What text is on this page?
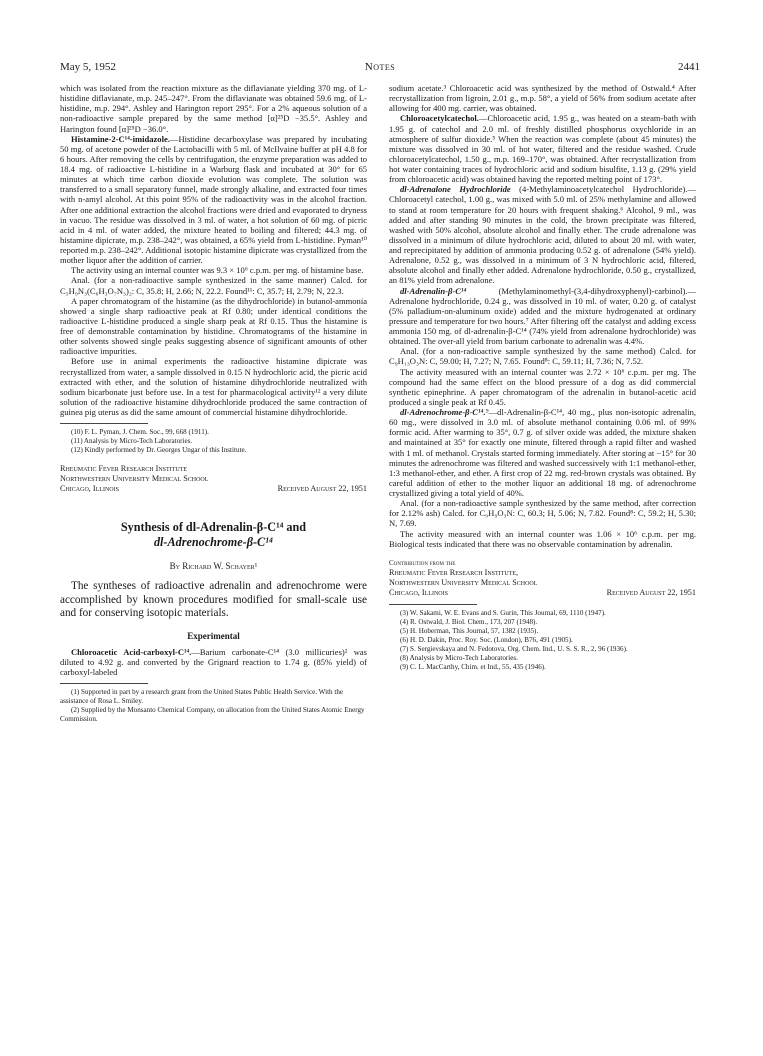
May 5, 1952	Notes	2441

which was isolated from the reaction mixture as the diflavianate yielding 370 mg. of L-histidine diflavianate, m.p. 245–247°. From the diflavianate was obtained 59.6 mg. of L-histidine, m.p. 294°. Ashley and Harington report 295°. For a 2% aqueous solution of a non-radioactive sample prepared by the same method [α]²⁵D −35.5°. Ashley and Harington found [α]²⁵D −36.0°.

Histamine-2-C¹⁴-imidazole.—Histidine decarboxylase was prepared by incubating 50 mg. of acetone powder of the Lactobacilli with 5 ml. of McIlvaine buffer at pH 4.8 for 6 hours. After removing the cells by centrifugation, the enzyme preparation was added to 18.4 mg. of radioactive L-histidine in a Warburg flask and incubated at 30° for 65 minutes at which time carbon dioxide evolution was complete. The solution was transferred to a small separatory funnel, made strongly alkaline, and extracted four times with n-amyl alcohol. At this point 95% of the radioactivity was in the alcohol fraction. After one additional extraction the alcohol fractions were dried and evaporated to dryness in vacuo. The residue was dissolved in 3 ml. of water, a hot solution of 60 mg. of picric acid in 4 ml. of water added, the mixture heated to boiling and filtered; 44.3 mg. of histamine dipicrate, m.p. 238–242°, was obtained, a 65% yield from L-histidine. Pyman¹⁰ reported m.p. 238–242°. Additional isotopic histamine dipicrate was crystallized from the mother liquor after the addition of carrier.

The activity using an internal counter was 9.3 × 10⁶ c.p.m. per mg. of histamine base.

Anal. (for a non-radioactive sample synthesized in the same manner) Calcd. for C₅H₉N₃(C₆H₃O₇N₃)₂: C, 35.8; H, 2.66; N, 22.2. Found¹¹: C, 35.7; H, 2.79; N, 22.3.

A paper chromatogram of the histamine (as the dihydrochloride) in butanol-ammonia showed a single sharp radioactive peak at Rf 0.80; under identical conditions the radioactive L-histidine produced a single sharp peak at Rf 0.15. Thus the histamine is free of demonstrable contamination by histidine. Chromatograms of the histamine in other solvents showed single peaks suggesting absence of significant amounts of other radioactive impurities.

Before use in animal experiments the radioactive histamine dipicrate was recrystallized from water, a sample dissolved in 0.15 N hydrochloric acid, the picric acid extracted with ether, and the solution of histamine dihydrochloride neutralized with sodium bicarbonate just before use. In a test for pharmacological activity¹² a very dilute solution of the radioactive histamine dihydrochloride produced the same contraction of guinea pig uterus as did the same amount of commercial histamine dihydrochloride.

(10) F. L. Pyman, J. Chem. Soc., 99, 668 (1911).

(11) Analysis by Micro-Tech Laboratories.

(12) Kindly performed by Dr. Georges Ungar of this Institute.

Rheumatic Fever Research Institute
Northwestern University Medical School
Chicago, Illinois	Received August 22, 1951
Synthesis of dl-Adrenalin-β-C¹⁴ and
dl-Adrenochrome-β-C¹⁴
By Richard W. Schayer¹

The syntheses of radioactive adrenalin and adrenochrome were accomplished by known procedures modified for small-scale use and for conserving isotopic materials.

Experimental

Chloroacetic Acid-carboxyl-C¹⁴.—Barium carbonate-C¹⁴ (3.0 millicuries)² was diluted to 4.92 g. and converted by the Grignard reaction to 1.74 g. (85% yield) of carboxyl-labeled

(1) Supported in part by a research grant from the United States Public Health Service. With the assistance of Rosa L. Smiley.

(2) Supplied by the Monsanto Chemical Company, on allocation from the United States Atomic Energy Commission.

sodium acetate.³ Chloroacetic acid was synthesized by the method of Ostwald.⁴ After recrystallization from ligroin, 2.01 g., m.p. 58°, a yield of 56% from sodium acetate after allowing for 400 mg. carrier, was obtained.

Chloroacetylcatechol.—Chloroacetic acid, 1.95 g., was heated on a steam-bath with 1.95 g. of catechol and 2.0 ml. of freshly distilled phosphorus oxychloride in an atmosphere of sulfur dioxide.⁵ When the reaction was complete (about 45 minutes) the mixture was dissolved in 30 ml. of hot water, filtered and the residue washed. Crude chloroacetylcatechol, 1.50 g., m.p. 169–170°, was obtained. After recrystallization from hot water containing traces of hydrochloric acid and sodium bisulfite, 1.13 g. (29% yield from chloroacetic acid) was obtained having the reported melting point of 173°.

dl-Adrenalone Hydrochloride (4-Methylaminoacetylcatechol Hydrochloride).—Chloroacetyl catechol, 1.00 g., was mixed with 5.0 ml. of 25% methylamine and allowed to stand at room temperature for 20 hours with frequent shaking.⁶ Alcohol, 9 ml., was added and after standing 90 minutes in the cold, the brown precipitate was filtered, washed with 50% alcohol, absolute alcohol and finally ether. The crude adrenalone was dissolved in a minimum of dilute hydrochloric acid, diluted to about 20 ml. with water, and reprecipitated by addition of ammonia producing 0.52 g. of adrenalone (54% yield). Adrenalone, 0.52 g., was dissolved in a minimum of 3 N hydrochloric acid, filtered, absolute alcohol and finally ether added. Adrenalone hydrochloride, 0.50 g., crystallized, an 81% yield from adrenalone.

dl-Adrenalin-β-C¹⁴ (Methylaminomethyl-(3,4-dihydroxyphenyl)-carbinol).—Adrenalone hydrochloride, 0.24 g., was dissolved in 10 ml. of water, 0.20 g. of catalyst (5% palladium-on-aluminum oxide) added and the mixture hydrogenated at ordinary pressure and temperature for two hours.⁷ After filtering off the catalyst and adding excess ammonia 150 mg. of dl-adrenalin-β-C¹⁴ (74% yield from adrenalone hydrochloride) was obtained. The over-all yield from barium carbonate to adrenalin was 4.4%.

Anal. (for a non-radioactive sample synthesized by the same method) Calcd. for C₉H₁₃O₃N: C, 59.00; H, 7.27; N, 7.65. Found⁸: C, 59.11; H, 7.36; N, 7.52.

The activity measured with an internal counter was 2.72 × 10⁶ c.p.m. per mg. The compound had the same effect on the blood pressure of a dog as did commercial synthetic epinephrine. A paper chromatogram of the adrenalin in butanol-acetic acid produced a single peak at Rf 0.45.

dl-Adrenochrome-β-C¹⁴.⁹—dl-Adrenalin-β-C¹⁴, 40 mg., plus non-isotopic adrenalin, 60 mg., were dissolved in 3.0 ml. of absolute methanol containing 0.06 ml. of 99% formic acid. After warming to 35°, 0.7 g. of silver oxide was added, the mixture shaken and maintained at 35° for exactly one minute, filtered through a rapid filter and washed with 1 ml. of methanol. Crystals started forming immediately. After storing at −15° for 30 minutes the adrenochrome was filtered and washed successively with 1:1 methanol-ether, 1:3 methanol-ether, and ether. A first crop of 22 mg. red-brown crystals was obtained. By careful addition of ether to the mother liquor an additional 18 mg. of adrenochrome crystallized giving a total yield of 40%.

Anal. (for a non-radioactive sample synthesized by the same method, after correction for 2.12% ash) Calcd. for C₉H₉O₃N: C, 60.3; H, 5.06; N, 7.82. Found⁸: C, 59.2; H, 5.30; N, 7.69.

The activity measured with an internal counter was 1.06 × 10⁶ c.p.m. per mg. Biological tests indicated that there was no observable contamination by adrenalin.

Contribution from the
Rheumatic Fever Research Institute,
Northwestern University Medical School
Chicago, Illinois	Received August 22, 1951

(3) W. Sakami, W. E. Evans and S. Gurin, This Journal, 69, 1110 (1947).

(4) R. Ostwald, J. Biol. Chem., 173, 207 (1948).

(5) H. Hoberman, This Journal, 57, 1382 (1935).

(6) H. D. Dakin, Proc. Roy. Soc. (London), B76, 491 (1905).

(7) S. Sergievskaya and N. Fedotova, Org. Chem. Ind., U. S. S. R., 2, 96 (1936).

(8) Analysis by Micro-Tech Laboratories.

(9) C. L. MacCarthy, Chim. et Ind., 55, 435 (1946).
